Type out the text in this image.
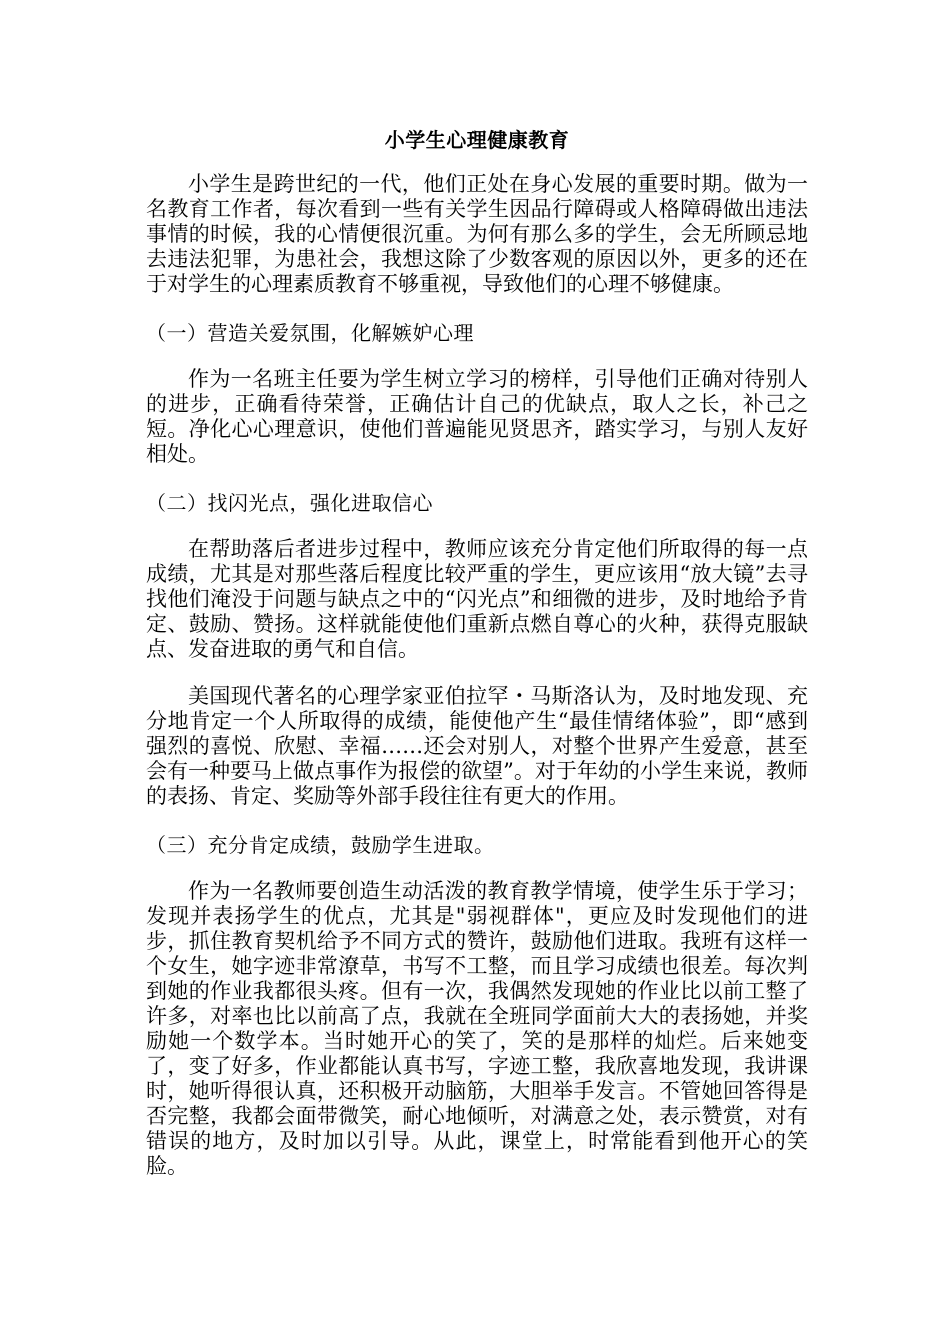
小学生心理健康教育

小学生是跨世纪的一代，他们正处在身心发展的重要时期。做为一名教育工作者，每次看到一些有关学生因品行障碍或人格障碍做出违法事情的时候，我的心情便很沉重。为何有那么多的学生，会无所顾忌地去违法犯罪，为患社会，我想这除了少数客观的原因以外，更多的还在于对学生的心理素质教育不够重视，导致他们的心理不够健康。

（一）营造关爱氛围，化解嫉妒心理

作为一名班主任要为学生树立学习的榜样，引导他们正确对待别人的进步，正确看待荣誉，正确估计自己的优缺点，取人之长，补己之短。净化心心理意识，使他们普遍能见贤思齐，踏实学习，与别人友好相处。

（二）找闪光点，强化进取信心

在帮助落后者进步过程中，教师应该充分肯定他们所取得的每一点成绩，尤其是对那些落后程度比较严重的学生，更应该用“放大镜”去寻找他们淹没于问题与缺点之中的“闪光点”和细微的进步，及时地给予肯定、鼓励、赞扬。这样就能使他们重新点燃自尊心的火种，获得克服缺点、发奋进取的勇气和自信。

美国现代著名的心理学家亚伯拉罕・马斯洛认为，及时地发现、充分地肯定一个人所取得的成绩，能使他产生“最佳情绪体验”，即“感到强烈的喜悦、欣慰、幸福……还会对别人，对整个世界产生爱意，甚至会有一种要马上做点事作为报偿的欲望”。对于年幼的小学生来说，教师的表扬、肯定、奖励等外部手段往往有更大的作用。

（三）充分肯定成绩，鼓励学生进取。

作为一名教师要创造生动活泼的教育教学情境，使学生乐于学习；发现并表扬学生的优点，尤其是"弱视群体"，更应及时发现他们的进步，抓住教育契机给予不同方式的赞许，鼓励他们进取。我班有这样一个女生，她字迹非常潦草，书写不工整，而且学习成绩也很差。每次判到她的作业我都很头疼。但有一次，我偶然发现她的作业比以前工整了许多，对率也比以前高了点，我就在全班同学面前大大的表扬她，并奖励她一个数学本。当时她开心的笑了，笑的是那样的灿烂。后来她变了，变了好多，作业都能认真书写，字迹工整，我欣喜地发现，我讲课时，她听得很认真，还积极开动脑筋，大胆举手发言。不管她回答得是否完整，我都会面带微笑，耐心地倾听，对满意之处，表示赞赏，对有错误的地方，及时加以引导。从此，课堂上，时常能看到他开心的笑脸。
